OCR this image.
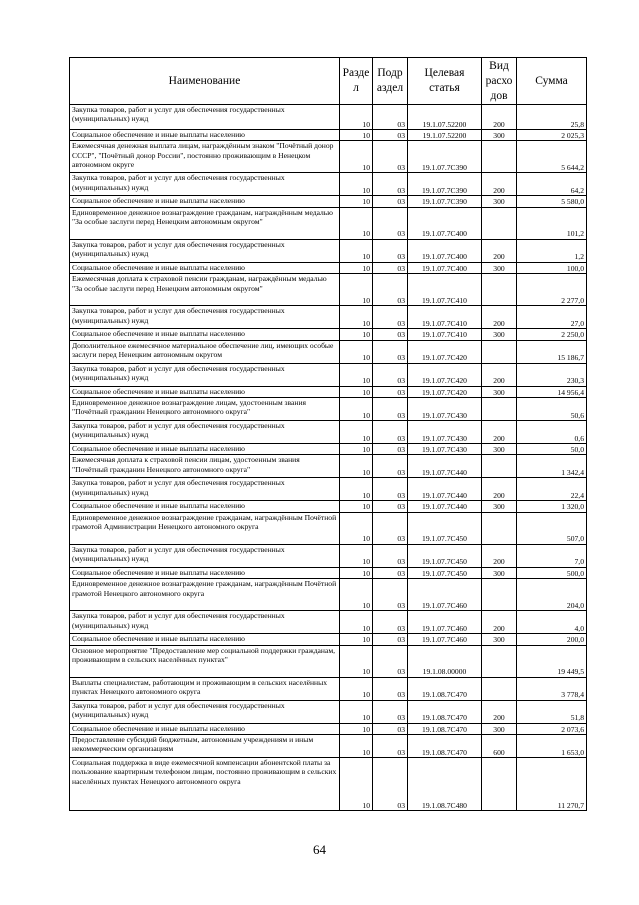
Наименование	Разде л	Подр аздел	Целевая статья	Вид расхо дов	Сумма
Закупка товаров, работ и услуг для обеспечения государственных (муниципальных) нужд	10	03	19.1.07.52200	200	25,8
Социальное обеспечение и иные выплаты населению	10	03	19.1.07.52200	300	2 025,3
Ежемесячная денежная выплата лицам, награждённым знаком "Почётный донор СССР", "Почётный донор России", постоянно проживающим в Ненецком автономном округе	10	03	19.1.07.7С390		5 644,2
Закупка товаров, работ и услуг для обеспечения государственных (муниципальных) нужд	10	03	19.1.07.7С390	200	64,2
Социальное обеспечение и иные выплаты населению	10	03	19.1.07.7С390	300	5 580,0
Единовременное денежное вознаграждение гражданам, награждённым медалью "За особые заслуги перед Ненецким автономным округом"	10	03	19.1.07.7С400		101,2
Закупка товаров, работ и услуг для обеспечения государственных (муниципальных) нужд	10	03	19.1.07.7С400	200	1,2
Социальное обеспечение и иные выплаты населению	10	03	19.1.07.7С400	300	100,0
Ежемесячная доплата к страховой пенсии гражданам, награждённым медалью "За особые заслуги перед Ненецким автономным округом"	10	03	19.1.07.7С410		2 277,0
Закупка товаров, работ и услуг для обеспечения государственных (муниципальных) нужд	10	03	19.1.07.7С410	200	27,0
Социальное обеспечение и иные выплаты населению	10	03	19.1.07.7С410	300	2 250,0
Дополнительное ежемесячное материальное обеспечение лиц, имеющих особые заслуги перед Ненецким автономным округом	10	03	19.1.07.7С420		15 186,7
Закупка товаров, работ и услуг для обеспечения государственных (муниципальных) нужд	10	03	19.1.07.7С420	200	230,3
Социальное обеспечение и иные выплаты населению	10	03	19.1.07.7С420	300	14 956,4
Единовременное денежное вознаграждение лицам, удостоенным звания "Почётный гражданин Ненецкого автономного округа"	10	03	19.1.07.7С430		50,6
Закупка товаров, работ и услуг для обеспечения государственных (муниципальных) нужд	10	03	19.1.07.7С430	200	0,6
Социальное обеспечение и иные выплаты населению	10	03	19.1.07.7С430	300	50,0
Ежемесячная доплата к страховой пенсии лицам, удостоенным звания "Почётный гражданин Ненецкого автономного округа"	10	03	19.1.07.7С440		1 342,4
Закупка товаров, работ и услуг для обеспечения государственных (муниципальных) нужд	10	03	19.1.07.7С440	200	22,4
Социальное обеспечение и иные выплаты населению	10	03	19.1.07.7С440	300	1 320,0
Единовременное денежное вознаграждение гражданам, награждённым Почётной грамотой Администрации Ненецкого автономного округа	10	03	19.1.07.7С450		507,0
Закупка товаров, работ и услуг для обеспечения государственных (муниципальных) нужд	10	03	19.1.07.7С450	200	7,0
Социальное обеспечение и иные выплаты населению	10	03	19.1.07.7С450	300	500,0
Единовременное денежное вознаграждение гражданам, награждённым Почётной грамотой Ненецкого автономного округа	10	03	19.1.07.7С460		204,0
Закупка товаров, работ и услуг для обеспечения государственных (муниципальных) нужд	10	03	19.1.07.7С460	200	4,0
Социальное обеспечение и иные выплаты населению	10	03	19.1.07.7С460	300	200,0
Основное мероприятие "Предоставление мер социальной поддержки гражданам, проживающим в сельских населённых пунктах"	10	03	19.1.08.00000		19 449,5
Выплаты специалистам, работающим и проживающим в сельских населённых пунктах Ненецкого автономного округа	10	03	19.1.08.7С470		3 778,4
Закупка товаров, работ и услуг для обеспечения государственных (муниципальных) нужд	10	03	19.1.08.7С470	200	51,8
Социальное обеспечение и иные выплаты населению	10	03	19.1.08.7С470	300	2 073,6
Предоставление субсидий бюджетным, автономным учреждениям и иным некоммерческим организациям	10	03	19.1.08.7С470	600	1 653,0
Социальная поддержка в виде ежемесячной компенсации абонентской платы за пользование квартирным телефоном лицам, постоянно проживающим в сельских населённых пунктах Ненецкого автономного округа	10	03	19.1.08.7С480		11 270,7
64
